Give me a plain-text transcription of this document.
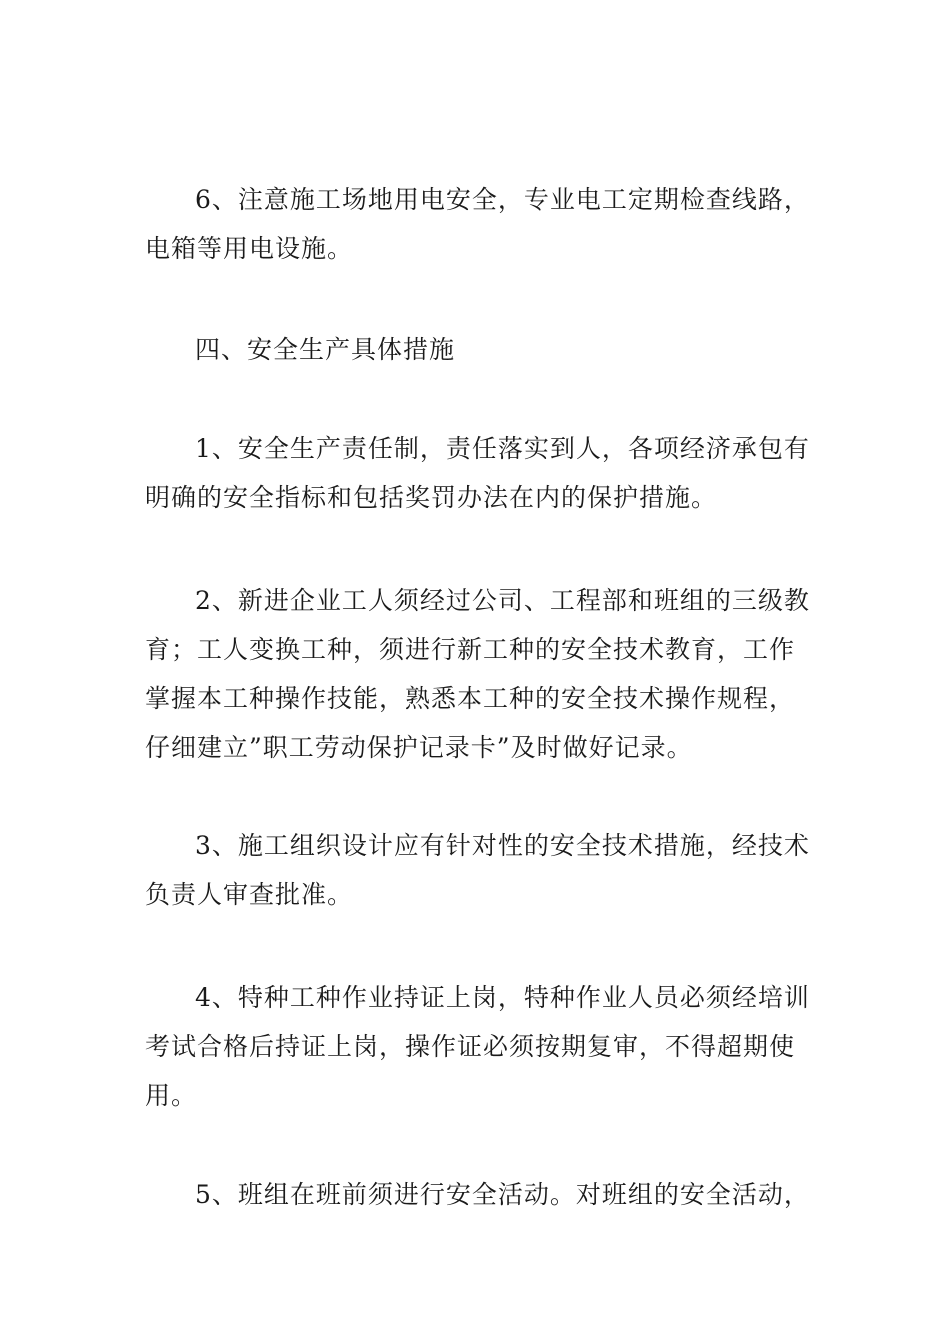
6、注意施工场地用电安全，专业电工定期检查线路，电箱等用电设施。

四、安全生产具体措施

1、安全生产责任制，责任落实到人，各项经济承包有明确的安全指标和包括奖罚办法在内的保护措施。

2、新进企业工人须经过公司、工程部和班组的三级教育；工人变换工种，须进行新工种的安全技术教育，工作掌握本工种操作技能，熟悉本工种的安全技术操作规程，仔细建立”职工劳动保护记录卡”及时做好记录。

3、施工组织设计应有针对性的安全技术措施，经技术负责人审查批准。

4、特种工种作业持证上岗，特种作业人员必须经培训考试合格后持证上岗，操作证必须按期复审，不得超期使用。

5、班组在班前须进行安全活动。对班组的安全活动，
